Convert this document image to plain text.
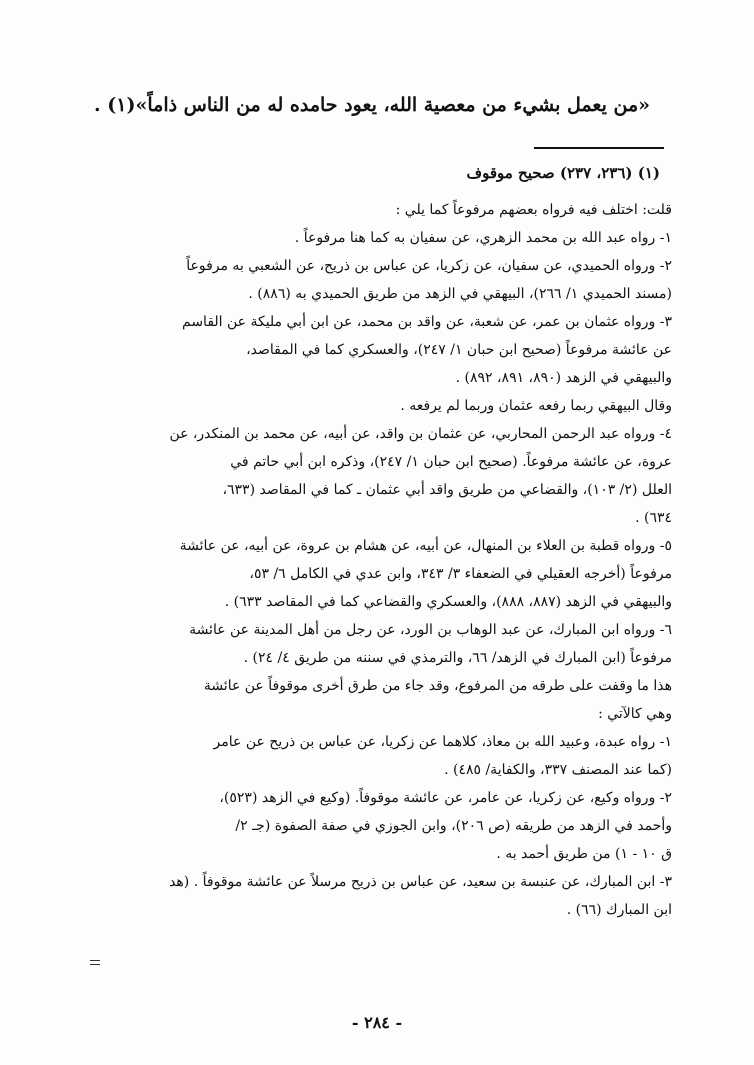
«من يعمل بشيء من معصية الله، يعود حامده له من الناس ذاماً»(١) .
(١) (٢٣٦، ٢٣٧) صحيح موقوف
قلت: اختلف فيه فرواه بعضهم مرفوعاً كما يلي :
١- رواه عبد الله بن محمد الزهري، عن سفيان به كما هنا مرفوعاً .
٢- ورواه الحميدي، عن سفيان، عن زكريا، عن عباس بن ذريح، عن الشعبي به مرفوعاً
(مسند الحميدي ١/ ٢٦٦)، البيهقي في الزهد من طريق الحميدي به (٨٨٦) .
٣- ورواه عثمان بن عمر، عن شعبة، عن واقد بن محمد، عن ابن أبي مليكة عن القاسم
عن عائشة مرفوعاً (صحيح ابن حبان ١/ ٢٤٧)، والعسكري كما في المقاصد،
والبيهقي في الزهد (٨٩٠، ٨٩١، ٨٩٢) .
وقال البيهقي ربما رفعه عثمان وربما لم يرفعه .
٤- ورواه عبد الرحمن المحاربي، عن عثمان بن واقد، عن أبيه، عن محمد بن المنكدر، عن
عروة، عن عائشة مرفوعاً. (صحيح ابن حبان ١/ ٢٤٧)، وذكره ابن أبي حاتم في
العلل (٢/ ١٠٣)، والقضاعي من طريق واقد أبي عثمان ـ كما في المقاصد (٦٣٣،
٦٣٤) .
٥- ورواه قطبة بن العلاء بن المنهال، عن أبيه، عن هشام بن عروة، عن أبيه، عن عائشة
مرفوعاً (أخرجه العقيلي في الضعفاء ٣/ ٣٤٣، وابن عدي في الكامل ٦/ ٥٣،
والبيهقي في الزهد (٨٨٧، ٨٨٨)، والعسكري والقضاعي كما في المقاصد ٦٣٣) .
٦- ورواه ابن المبارك، عن عبد الوهاب بن الورد، عن رجل من أهل المدينة عن عائشة
مرفوعاً (ابن المبارك في الزهد/ ٦٦، والترمذي في سننه من طريق ٤/ ٢٤) .
هذا ما وقفت على طرقه من المرفوع، وقد جاء من طرق أخرى موقوفاً عن عائشة
وهي كالآتي :
١- رواه عبدة، وعبيد الله بن معاذ، كلاهما عن زكريا، عن عباس بن ذريح عن عامر
(كما عند المصنف ٣٣٧، والكفاية/ ٤٨٥) .
٢- ورواه وكيع، عن زكريا، عن عامر، عن عائشة موقوفاً. (وكيع في الزهد (٥٢٣)،
وأحمد في الزهد من طريقه (ص ٢٠٦)، وابن الجوزي في صفة الصفوة (جـ ٢/
ق ١٠ - ١) من طريق أحمد به .
٣- ابن المبارك، عن عنبسة بن سعيد، عن عباس بن ذريح مرسلاً عن عائشة موقوفاً . (هد
ابن المبارك (٦٦) .
- ٢٨٤ -
